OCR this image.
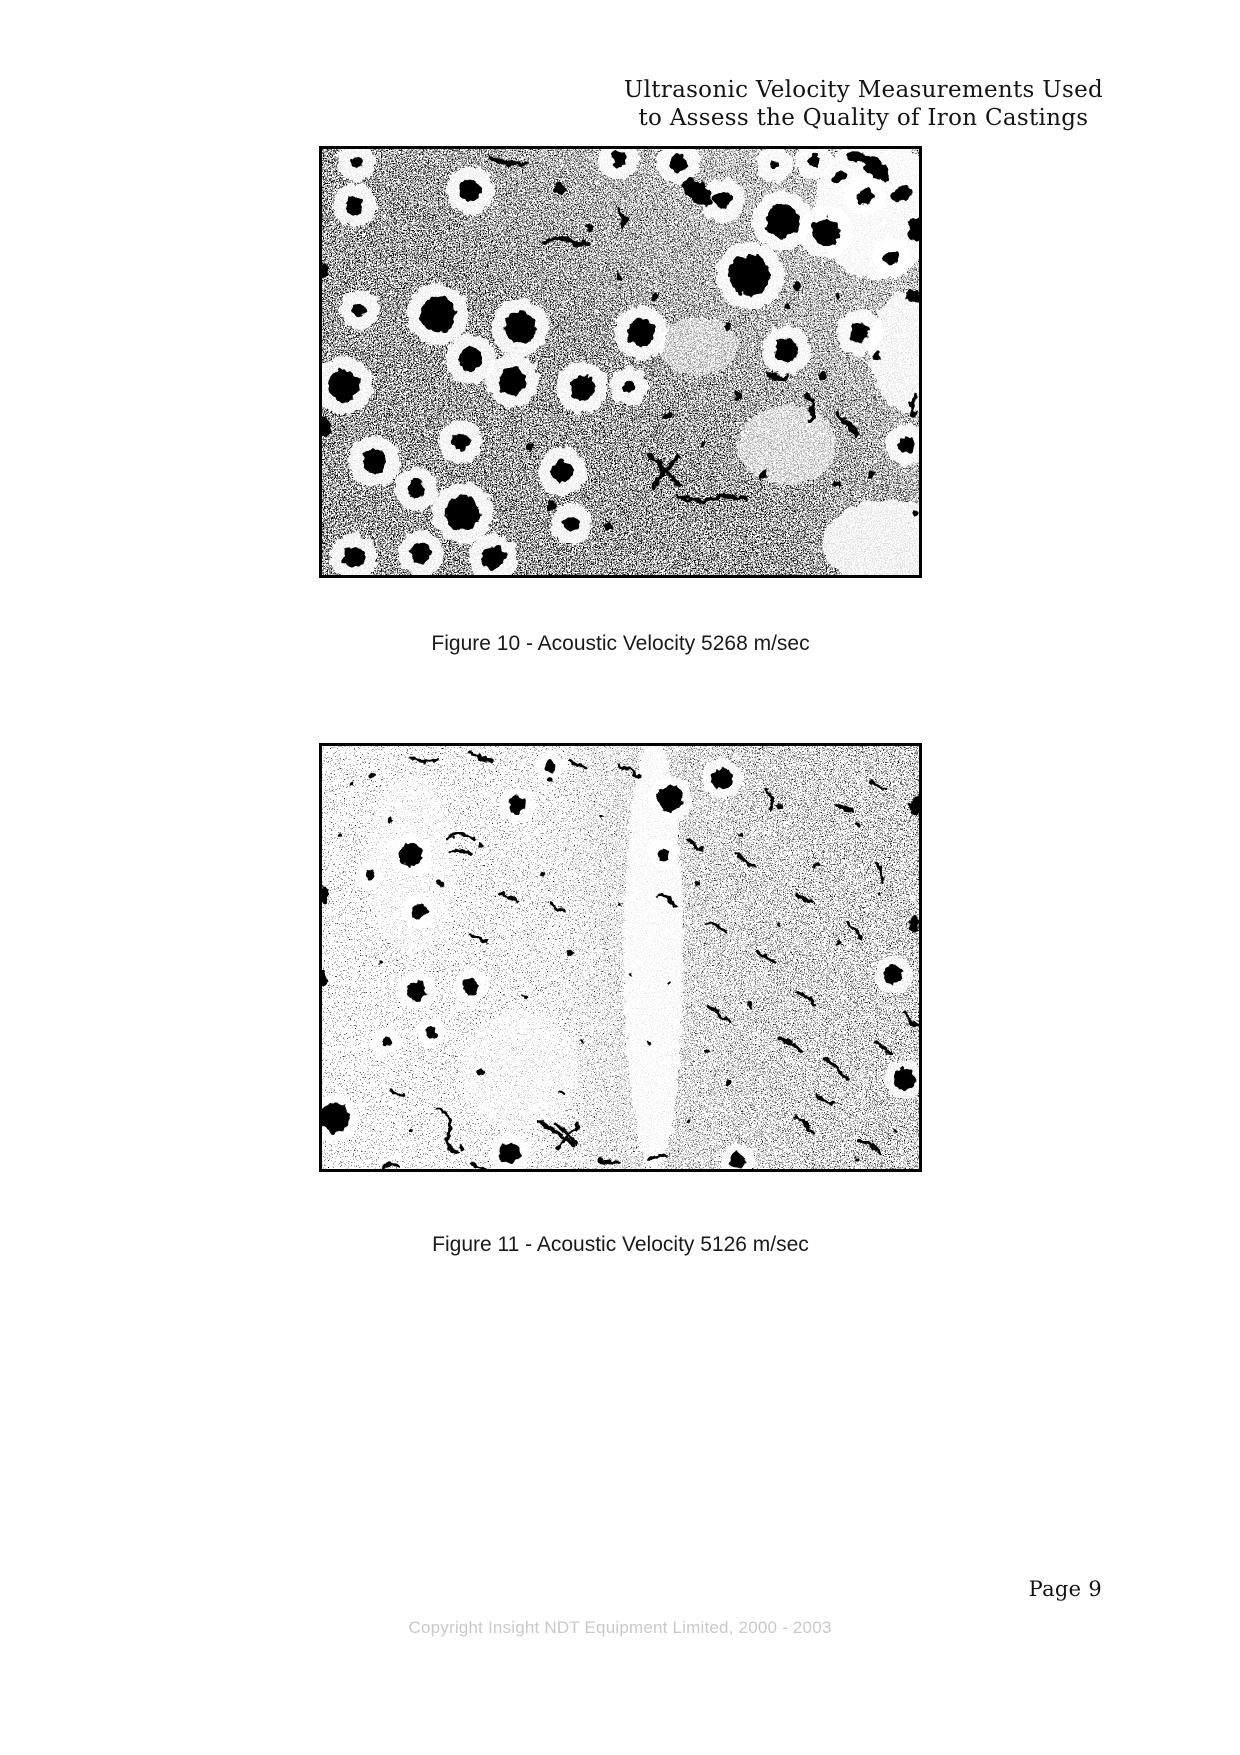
Ultrasonic Velocity Measurements Used
to Assess the Quality of Iron Castings
Figure 10 - Acoustic Velocity 5268 m/sec
Figure 11 - Acoustic Velocity 5126 m/sec
Page 9
Copyright Insight NDT Equipment Limited, 2000 - 2003
